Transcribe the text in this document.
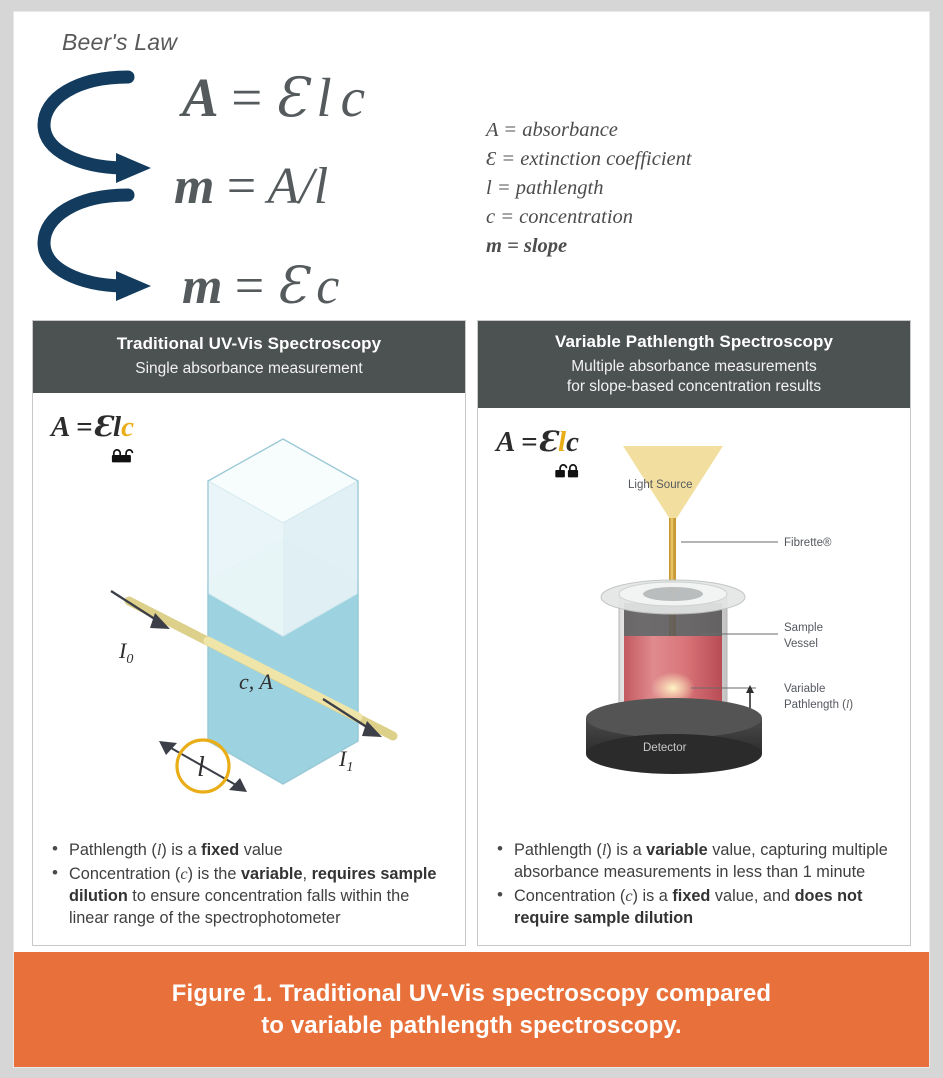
Beer's Law
A = Ɛ l c
m = A/l
m = Ɛ c
A = absorbance
Ɛ = extinction coefficient
l = pathlength
c = concentration
m = slope
Traditional UV-Vis Spectroscopy
Single absorbance measurement
A =Ɛl
c
$I_0$
$I_1$
c, A
l
• Pathlength (l) is a fixed value
• Concentration (c) is the variable, requires sample dilution to ensure concentration falls within the linear range of the spectrophotometer
Variable Pathlength Spectroscopy
Multiple absorbance measurements
for slope-based concentration results
A =Ɛl
c
Light Source
Fibrette®
Sample
Vessel
Variable
Pathlength (l)
Detector
• Pathlength (l) is a variable value, capturing multiple absorbance measurements in less than 1 minute
• Concentration (c) is a fixed value, and does not require sample dilution
Figure 1. Traditional UV-Vis spectroscopy compared
to variable pathlength spectroscopy.
